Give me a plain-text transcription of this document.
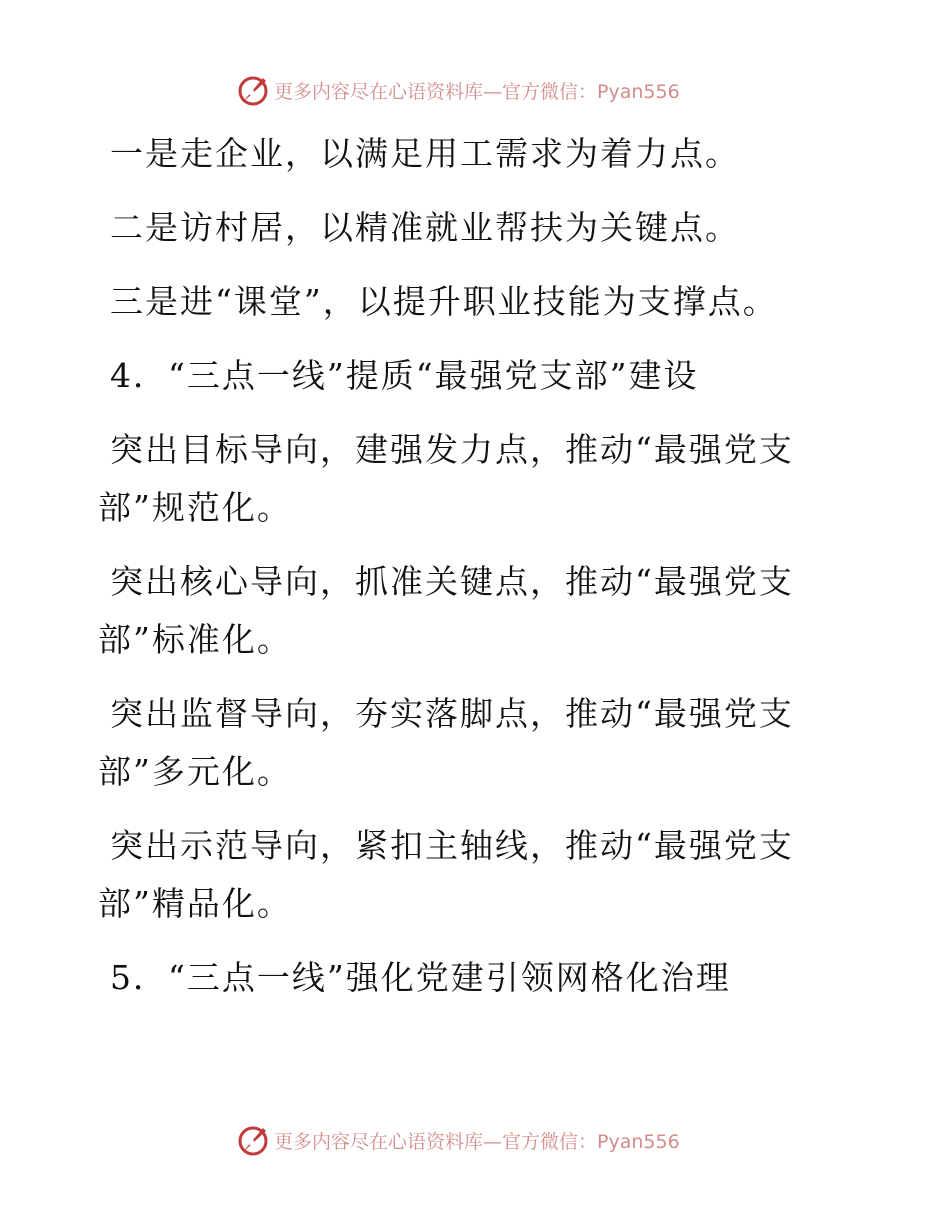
更多内容尽在心语资料库—官方微信：Pyan556

一是走企业，以满足用工需求为着力点。

二是访村居，以精准就业帮扶为关键点。

三是进“课堂”，以提升职业技能为支撑点。

4．“三点一线”提质“最强党支部”建设

突出目标导向，建强发力点，推动“最强党支

部”规范化。

突出核心导向，抓准关键点，推动“最强党支

部”标准化。

突出监督导向，夯实落脚点，推动“最强党支

部”多元化。

突出示范导向，紧扣主轴线，推动“最强党支

部”精品化。

5．“三点一线”强化党建引领网格化治理

更多内容尽在心语资料库—官方微信：Pyan556
